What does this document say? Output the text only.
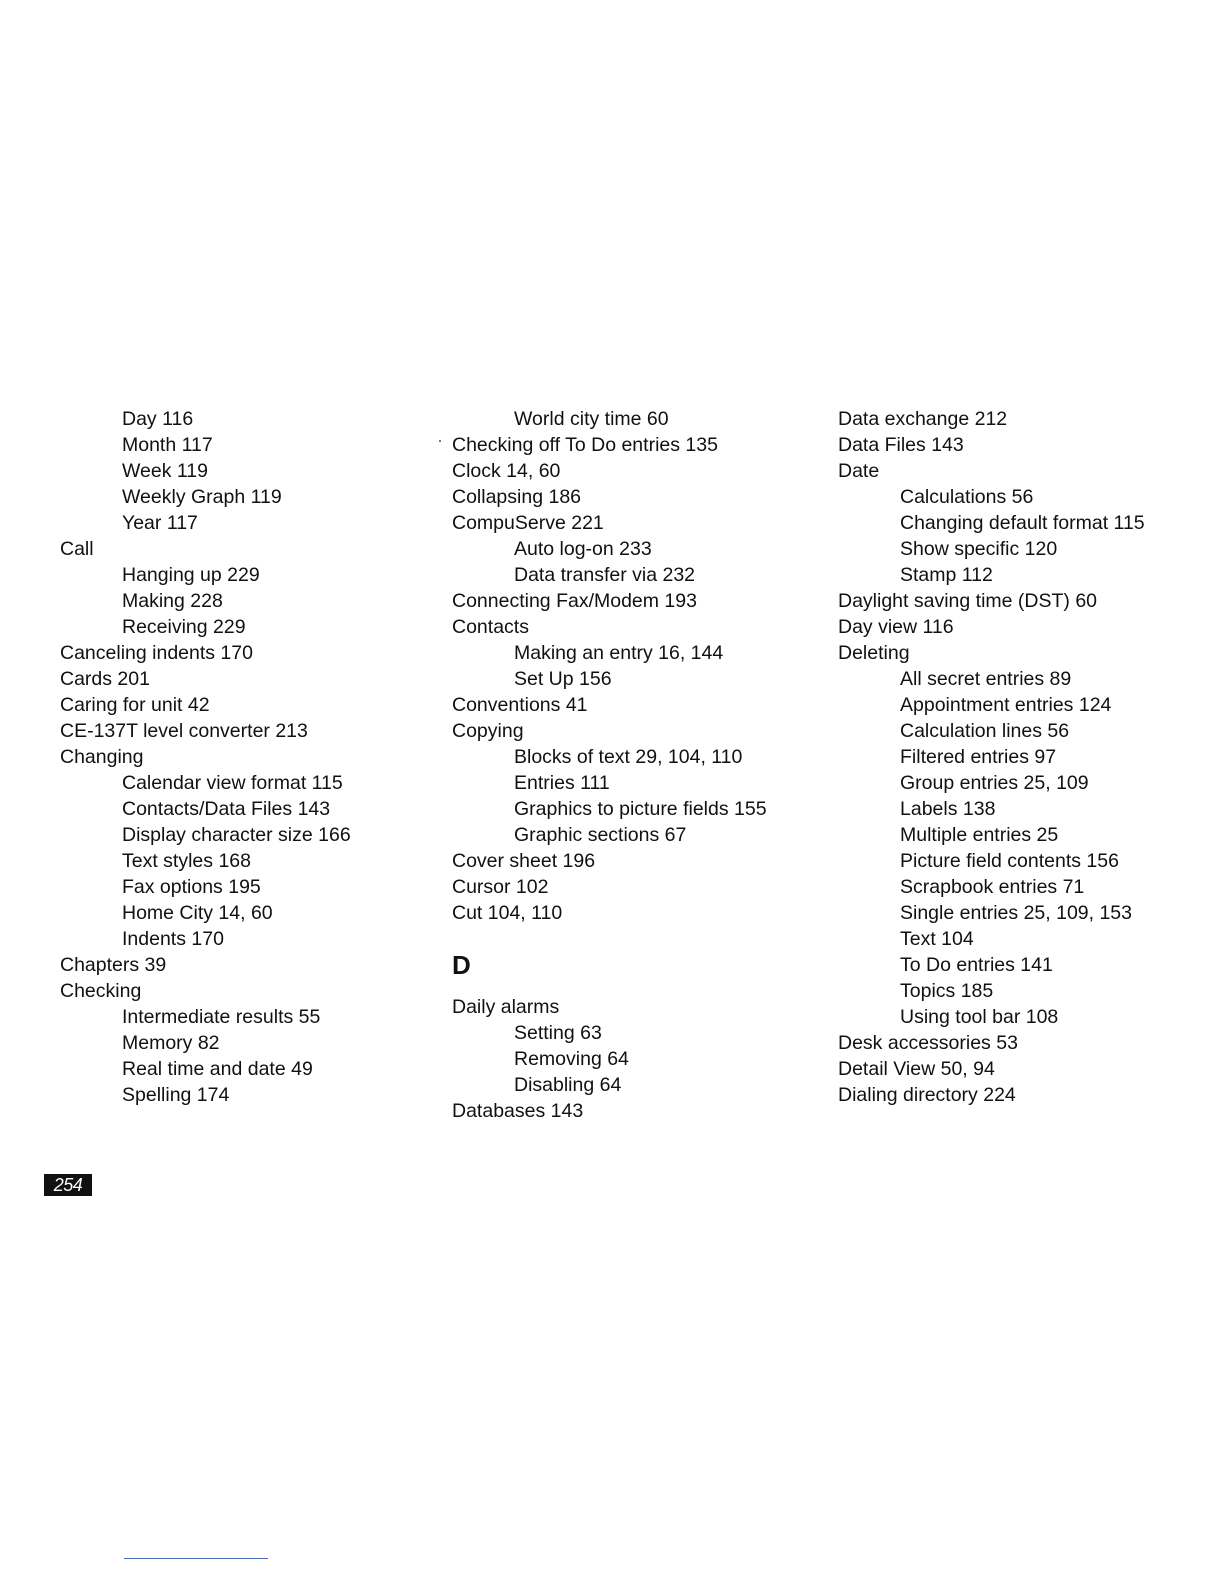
Day 116
Month 117
Week 119
Weekly Graph 119
Year 117
Call
Hanging up 229
Making 228
Receiving 229
Canceling indents 170
Cards 201
Caring for unit 42
CE-137T level converter 213
Changing
Calendar view format 115
Contacts/Data Files 143
Display character size 166
Text styles 168
Fax options 195
Home City 14, 60
Indents 170
Chapters 39
Checking
Intermediate results 55
Memory 82
Real time and date 49
Spelling 174
World city time 60
Checking off To Do entries 135
Clock 14, 60
Collapsing 186
CompuServe 221
Auto log-on 233
Data transfer via 232
Connecting Fax/Modem 193
Contacts
Making an entry 16, 144
Set Up 156
Conventions 41
Copying
Blocks of text 29, 104, 110
Entries 111
Graphics to picture fields 155
Graphic sections 67
Cover sheet 196
Cursor 102
Cut 104, 110
D
Daily alarms
Setting 63
Removing 64
Disabling 64
Databases 143
Data exchange 212
Data Files 143
Date
Calculations 56
Changing default format 115
Show specific 120
Stamp 112
Daylight saving time (DST) 60
Day view 116
Deleting
All secret entries 89
Appointment entries 124
Calculation lines 56
Filtered entries 97
Group entries 25, 109
Labels 138
Multiple entries 25
Picture field contents 156
Scrapbook entries 71
Single entries 25, 109, 153
Text 104
To Do entries 141
Topics 185
Using tool bar 108
Desk accessories 53
Detail View 50, 94
Dialing directory 224
254
